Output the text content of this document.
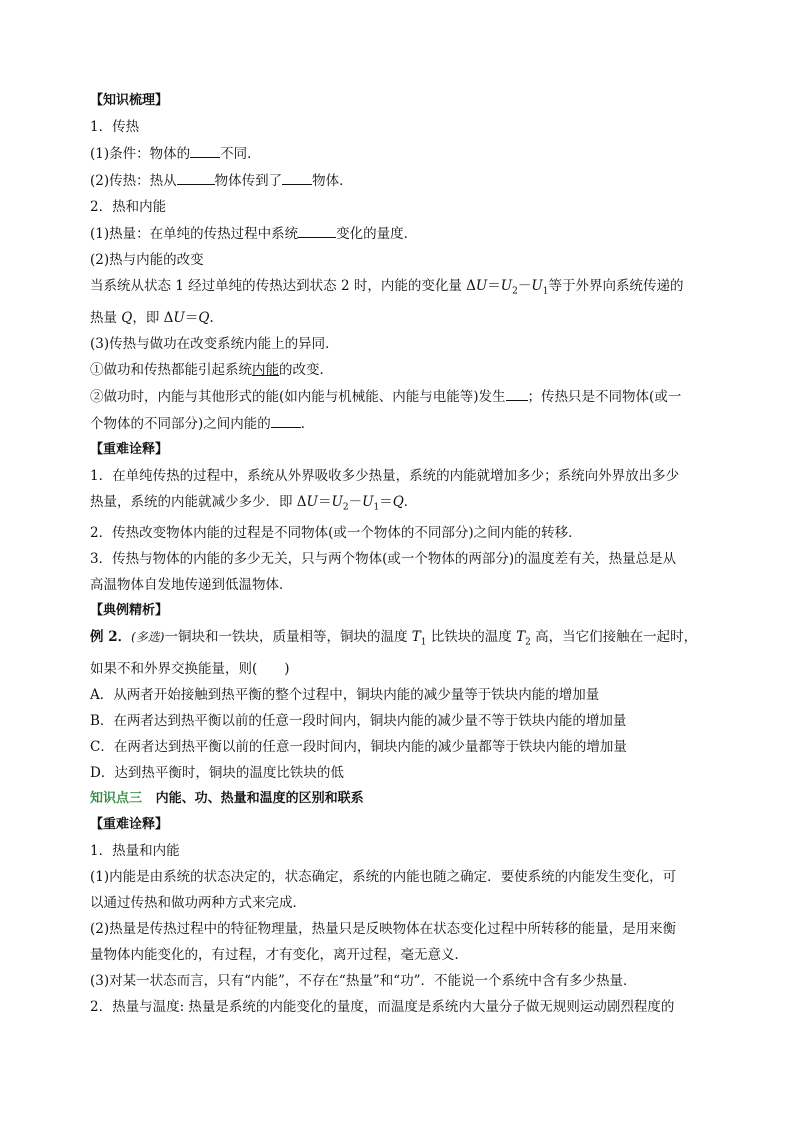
【知识梳理】
1．传热
(1)条件：物体的 不同．
(2)传热：热从	物体传到了 物体．
2．热和内能
(1)热量：在单纯的传热过程中系统	变化的量度．
(2)热与内能的改变
当系统从状态 1 经过单纯的传热达到状态 2 时，内能的变化量 $\Delta U=U_2-U_1$等于外界向系统传递的
热量 Q，即 ΔU＝Q.
(3)传热与做功在改变系统内能上的异同．
①做功和传热都能引起系统内能的改变．
②做功时，内能与其他形式的能(如内能与机械能、内能与电能等)发生 ；传热只是不同物体(或一
个物体的不同部分)之间内能的 ．
【重难诠释】
1．在单纯传热的过程中，系统从外界吸收多少热量，系统的内能就增加多少；系统向外界放出多少
热量，系统的内能就减少多少．即 $\Delta U=U_2-U_1=Q$．
2．传热改变物体内能的过程是不同物体(或一个物体的不同部分)之间内能的转移．
3．传热与物体的内能的多少无关，只与两个物体(或一个物体的两部分)的温度差有关，热量总是从
高温物体自发地传递到低温物体．
【典例精析】
例 2．(多选)一铜块和一铁块，质量相等，铜块的温度 $T_1$ 比铁块的温度 $T_2$ 高，当它们接触在一起时，
如果不和外界交换能量，则(　　)
A．从两者开始接触到热平衡的整个过程中，铜块内能的减少量等于铁块内能的增加量
B．在两者达到热平衡以前的任意一段时间内，铜块内能的减少量不等于铁块内能的增加量
C．在两者达到热平衡以前的任意一段时间内，铜块内能的减少量都等于铁块内能的增加量
D．达到热平衡时，铜块的温度比铁块的低
知识点三 内能、功、热量和温度的区别和联系
【重难诠释】
1．热量和内能
(1)内能是由系统的状态决定的，状态确定，系统的内能也随之确定．要使系统的内能发生变化，可
以通过传热和做功两种方式来完成．
(2)热量是传热过程中的特征物理量，热量只是反映物体在状态变化过程中所转移的能量，是用来衡
量物体内能变化的，有过程，才有变化，离开过程，毫无意义．
(3)对某一状态而言，只有“内能”，不存在“热量”和“功”．不能说一个系统中含有多少热量．
2．热量与温度: 热量是系统的内能变化的量度，而温度是系统内大量分子做无规则运动剧烈程度的
